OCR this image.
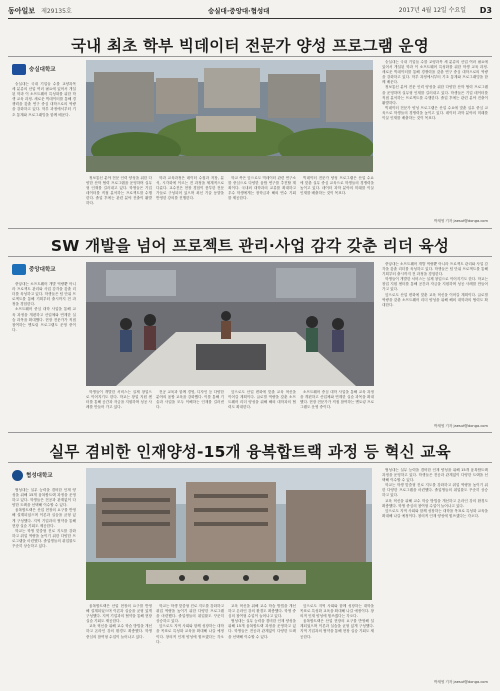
동아일보 제29135호	숭실대·중앙대·협성대	2017년 4월 12일 수요일 D3
국내 최초 학부 빅데이터 전문가 양성 프로그램 운영
숭실대학교

숭실대는 국내 기업들 수를 교양과목 세 분류의 산업 여러 필요에 있어서 개설된 학과 이 소프트웨어 특성화를 위한 학생 교육 과정. 새로운 빅데이터를 통해 경쟁력을 갖춘 연구 중심 대학으로의 역량을 강화하고 있다. 학부 과정에서부터 기초 통계와 프로그래밍을 함께 배운다.

정보통신 분야 전문 인력 양성을 위한 다양한 산학 협력 프로그램을 운영하며 실무형 인재를 길러내고 있다. 학생들은 기업 데이터를 직접 분석하는 프로젝트를 수행한다. 졸업 후에는 관련 분야 진출이 활발하다.

학과 교육과정은 데이터 수집과 저장, 분석, 시각화에 이르는 전 과정을 체계적으로 다룬다. 교수진은 현장 경험이 풍부한 전문가들로 구성되어 있으며 최신 기술 동향을 반영한 강의를 진행한다.

학교 측은 앞으로도 빅데이터 관련 연구소를 중심으로 다양한 융합 연구를 추진할 계획이다. 국내외 대학과의 교류를 확대하고 우수 학생에게는 장학금과 해외 연수 기회를 제공한다.

빅데이터 전문가 양성 프로그램은 산업 수요에 맞춘 실무 중심 교육으로 학생들의 경쟁력을 높이고 있다. 데이터 과학 분야의 미래를 이끌 인재를 배출하는 것이 목표다.

숭실대는 국내 기업들 수를 교양과목 세 분류의 산업 여러 필요에 있어서 개설된 학과 이 소프트웨어 특성화를 위한 학생 교육 과정. 새로운 빅데이터를 통해 경쟁력을 갖춘 연구 중심 대학으로의 역량을 강화하고 있다. 학부 과정에서부터 기초 통계와 프로그래밍을 함께 배운다.

정보통신 분야 전문 인력 양성을 위한 다양한 산학 협력 프로그램을 운영하며 실무형 인재를 길러내고 있다. 학생들은 기업 데이터를 직접 분석하는 프로젝트를 수행한다. 졸업 후에는 관련 분야 진출이 활발하다.

빅데이터 전문가 양성 프로그램은 산업 수요에 맞춘 실무 중심 교육으로 학생들의 경쟁력을 높이고 있다. 데이터 과학 분야의 미래를 이끌 인재를 배출하는 것이 목표다.

박재영 기자 jaesuf@donga.com
SW 개발을 넘어 프로젝트 관리·사업 감각 갖춘 리더 육성
중앙대학교

중앙대는 소프트웨어 개발 역량뿐 아니라 프로젝트 관리와 사업 감각을 갖춘 리더를 육성하고 있다. 학생들은 팀 단위 프로젝트를 통해 기획부터 출시까지 전 과정을 경험한다.

소프트웨어 중심 대학 사업을 통해 교육 과정을 개편하고 산업체와 연계한 실습 과목을 확대했다. 현장 전문가가 직접 참여하는 멘토링 프로그램도 운영 중이다.

학생들이 개발한 서비스는 실제 창업으로 이어지기도 한다. 학교는 창업 지원 센터를 통해 공간과 자금을 지원하며 성공 사례를 만들어 가고 있다.

전공 교육과 함께 경영, 디자인 등 다양한 분야의 융합 교육을 강화했다. 이를 통해 기술과 사업을 모두 이해하는 인재를 길러낸다.

앞으로도 산업 변화에 맞춘 교육 혁신을 이어갈 계획이다. 글로벌 역량을 갖춘 소프트웨어 리더 양성을 위해 해외 대학과의 협력도 확대한다.

소프트웨어 중심 대학 사업을 통해 교육 과정을 개편하고 산업체와 연계한 실습 과목을 확대했다. 현장 전문가가 직접 참여하는 멘토링 프로그램도 운영 중이다.

중앙대는 소프트웨어 개발 역량뿐 아니라 프로젝트 관리와 사업 감각을 갖춘 리더를 육성하고 있다. 학생들은 팀 단위 프로젝트를 통해 기획부터 출시까지 전 과정을 경험한다.

학생들이 개발한 서비스는 실제 창업으로 이어지기도 한다. 학교는 창업 지원 센터를 통해 공간과 자금을 지원하며 성공 사례를 만들어 가고 있다.

앞으로도 산업 변화에 맞춘 교육 혁신을 이어갈 계획이다. 글로벌 역량을 갖춘 소프트웨어 리더 양성을 위해 해외 대학과의 협력도 확대한다.

박재영 기자 jaesuf@donga.com
실무 겸비한 인재양성-15개 융복합트랙 과정 등 혁신 교육
협성대학교

협성대는 실무 능력을 겸비한 인재 양성을 위해 15개 융복합트랙 과정을 운영하고 있다. 학생들은 전공과 관계없이 다양한 트랙을 선택해 이수할 수 있다.

융복합트랙은 산업 현장의 요구를 반영해 설계되었으며 이론과 실습을 균형 있게 구성했다. 지역 기업과의 협약을 통해 현장 실습 기회도 제공한다.

학교는 학생 맞춤형 진로 지도를 강화하고 취업 역량을 높이기 위한 다양한 프로그램을 마련했다. 졸업생들의 취업률도 꾸준히 상승하고 있다.

융복합트랙은 산업 현장의 요구를 반영해 설계되었으며 이론과 실습을 균형 있게 구성했다. 지역 기업과의 협약을 통해 현장 실습 기회도 제공한다.

교육 혁신을 위해 교수 학습 방법을 개선하고 온라인 강의 환경도 확충했다. 학생 중심의 참여형 수업이 늘어나고 있다.

학교는 학생 맞춤형 진로 지도를 강화하고 취업 역량을 높이기 위한 다양한 프로그램을 마련했다. 졸업생들의 취업률도 꾸준히 상승하고 있다.

앞으로도 지역 사회와 함께 성장하는 대학을 목표로 특성화 교육을 확대해 나갈 예정이다. 창의적 인재 양성에 힘쓰겠다는 각오다.

교육 혁신을 위해 교수 학습 방법을 개선하고 온라인 강의 환경도 확충했다. 학생 중심의 참여형 수업이 늘어나고 있다.

협성대는 실무 능력을 겸비한 인재 양성을 위해 15개 융복합트랙 과정을 운영하고 있다. 학생들은 전공과 관계없이 다양한 트랙을 선택해 이수할 수 있다.

앞으로도 지역 사회와 함께 성장하는 대학을 목표로 특성화 교육을 확대해 나갈 예정이다. 창의적 인재 양성에 힘쓰겠다는 각오다.

융복합트랙은 산업 현장의 요구를 반영해 설계되었으며 이론과 실습을 균형 있게 구성했다. 지역 기업과의 협약을 통해 현장 실습 기회도 제공한다.

협성대는 실무 능력을 겸비한 인재 양성을 위해 15개 융복합트랙 과정을 운영하고 있다. 학생들은 전공과 관계없이 다양한 트랙을 선택해 이수할 수 있다.

학교는 학생 맞춤형 진로 지도를 강화하고 취업 역량을 높이기 위한 다양한 프로그램을 마련했다. 졸업생들의 취업률도 꾸준히 상승하고 있다.

교육 혁신을 위해 교수 학습 방법을 개선하고 온라인 강의 환경도 확충했다. 학생 중심의 참여형 수업이 늘어나고 있다.

앞으로도 지역 사회와 함께 성장하는 대학을 목표로 특성화 교육을 확대해 나갈 예정이다. 창의적 인재 양성에 힘쓰겠다는 각오다.

박재영 기자 jaesuf@donga.com
